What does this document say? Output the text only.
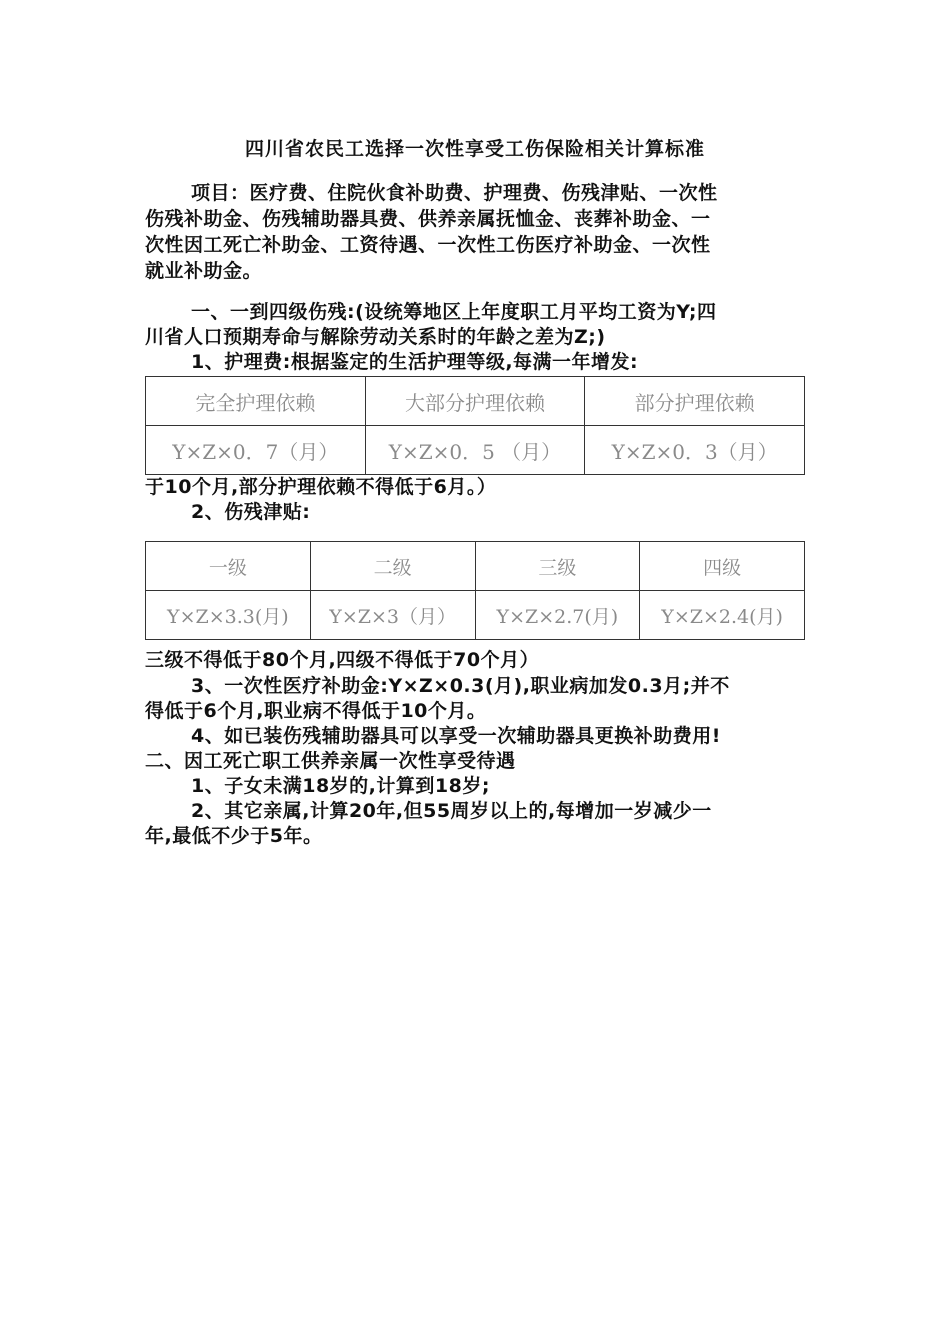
四川省农民工选择一次性享受工伤保险相关计算标准
项目：医疗费、住院伙食补助费、护理费、伤残津贴、一次性
伤残补助金、伤残辅助器具费、供养亲属抚恤金、丧葬补助金、一
次性因工死亡补助金、工资待遇、一次性工伤医疗补助金、一次性
就业补助金。
一、一到四级伤残:(设统筹地区上年度职工月平均工资为Y;四
川省人口预期寿命与解除劳动关系时的年龄之差为Z;)
1、护理费:根据鉴定的生活护理等级,每满一年增发:
完全护理依赖	大部分护理依赖	部分护理依赖
Y×Z×0．7（月）	Y×Z×0．5 （月）	Y×Z×0．3（月）
于10个月,部分护理依赖不得低于6月。）
2、伤残津贴:
一级	二级	三级	四级
Y×Z×3.3(月)	Y×Z×3（月）	Y×Z×2.7(月)	Y×Z×2.4(月)
三级不得低于80个月,四级不得低于70个月）
3、一次性医疗补助金:Y×Z×0.3(月),职业病加发0.3月;并不
得低于6个月,职业病不得低于10个月。
4、如已装伤残辅助器具可以享受一次辅助器具更换补助费用!
二、因工死亡职工供养亲属一次性享受待遇
1、子女未满18岁的,计算到18岁;
2、其它亲属,计算20年,但55周岁以上的,每增加一岁减少一
年,最低不少于5年。
